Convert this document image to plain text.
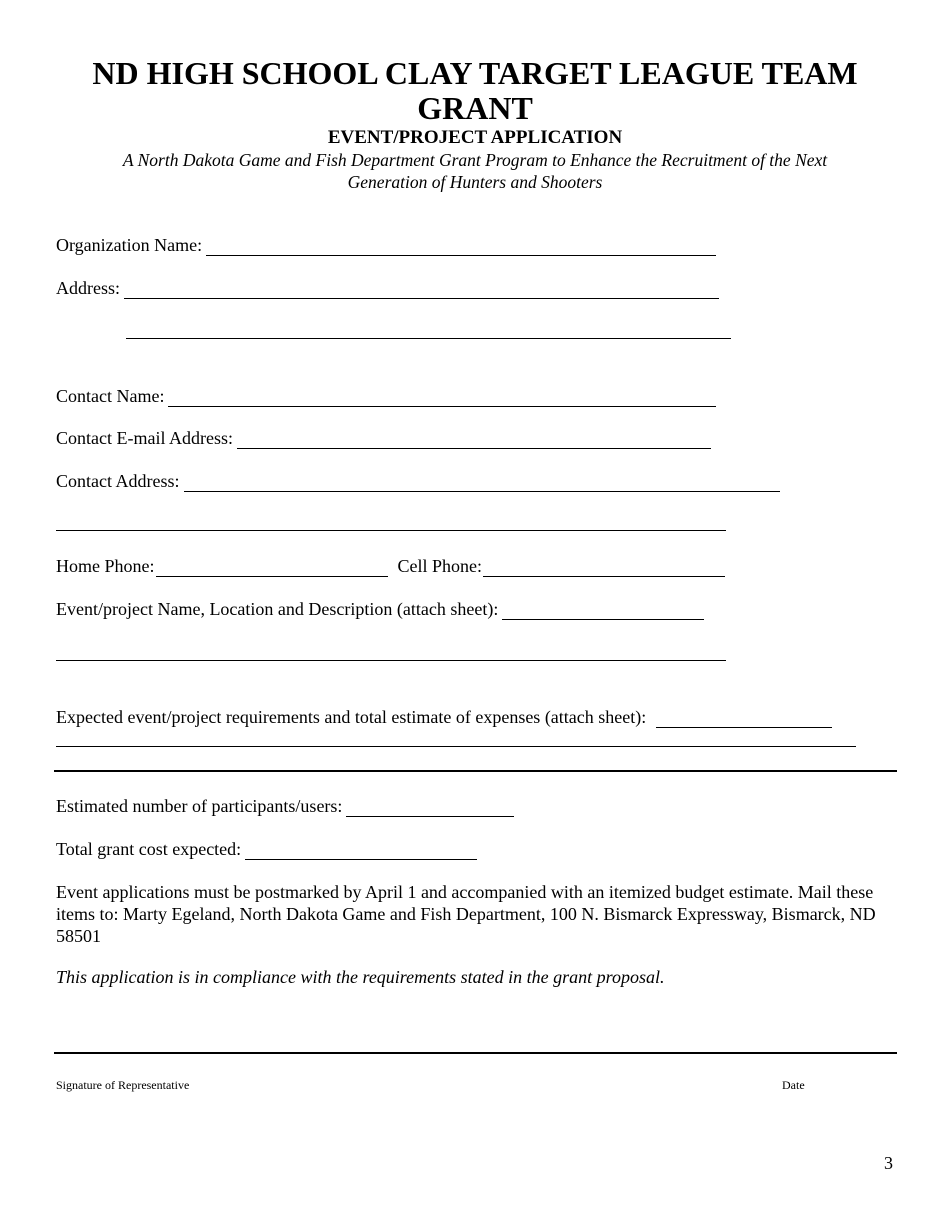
ND HIGH SCHOOL CLAY TARGET LEAGUE TEAM GRANT
EVENT/PROJECT APPLICATION
A North Dakota Game and Fish Department Grant Program to Enhance the Recruitment of the Next Generation of Hunters and Shooters
Organization Name:
Address:
Contact Name:
Contact E-mail Address:
Contact Address:
Home Phone:	Cell Phone:
Event/project Name, Location and Description (attach sheet):
Expected event/project requirements and total estimate of expenses (attach sheet):
Estimated number of participants/users:
Total grant cost expected:
Event applications must be postmarked by April 1 and accompanied with an itemized budget estimate. Mail these items to: Marty Egeland, North Dakota Game and Fish Department, 100 N. Bismarck Expressway, Bismarck, ND 58501
This application is in compliance with the requirements stated in the grant proposal.
Signature of Representative	Date
3
